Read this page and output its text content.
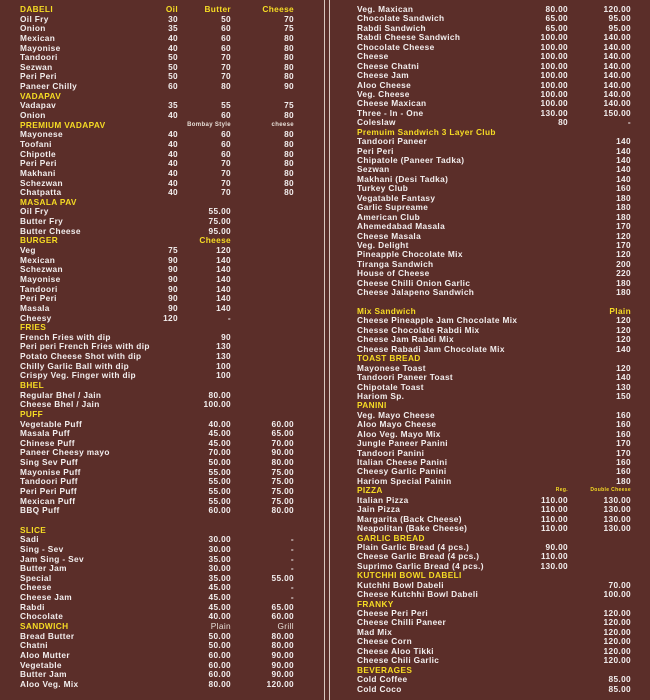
DABELI	Oil	Butter	Cheese
Oil Fry	30	50	70
Onion	35	60	75
Mexican	40	60	80
Mayonise	40	60	80
Tandoori	50	70	80
Sezwan	50	70	80
Peri Peri	50	70	80
Paneer Chilly	60	80	90
VADAPAV
Vadapav	35	55	75
Onion	40	60	80
PREMIUM VADAPAV	Bombay Style	cheese
Mayonese	40	60	80
Toofani	40	60	80
Chipotle	40	60	80
Peri Peri	40	70	80
Makhani	40	70	80
Schezwan	40	70	80
Chatpatta	40	70	80
MASALA PAV
Oil Fry	55.00
Butter Fry	75.00
Butter Cheese	95.00
BURGER	Cheese
Veg	75	120
Mexican	90	140
Schezwan	90	140
Mayonise	90	140
Tandoori	90	140
Peri Peri	90	140
Masala	90	140
Cheesy	120	-
FRIES
French Fries with dip	90
Peri peri French Fries with dip	130
Potato Cheese Shot with dip	130
Chilly Garlic Ball with dip	100
Crispy Veg. Finger with dip	100
BHEL
Regular Bhel / Jain	80.00
Cheese Bhel / Jain	100.00
PUFF
Vegetable Puff	40.00	60.00
Masala Puff	45.00	65.00
Chinese Puff	45.00	70.00
Paneer Cheesy mayo	70.00	90.00
Sing Sev Puff	50.00	80.00
Mayonise Puff	55.00	75.00
Tandoori Puff	55.00	75.00
Peri Peri Puff	55.00	75.00
Mexican Puff	55.00	75.00
BBQ Puff	60.00	80.00
SLICE
Sadi	30.00	-
Sing - Sev	30.00	-
Jam Sing - Sev	35.00	-
Butter Jam	30.00	-
Special	35.00	55.00
Cheese	45.00	-
Cheese Jam	45.00	-
Rabdi	45.00	65.00
Chocolate	40.00	60.00
SANDWICH	Plain	Grill
Bread Butter	50.00	80.00
Chatni	50.00	80.00
Aloo Mutter	60.00	90.00
Vegetable	60.00	90.00
Butter Jam	60.00	90.00
Aloo Veg. Mix	80.00	120.00
Veg. Maxican	80.00	120.00
Chocolate Sandwich	65.00	95.00
Rabdi Sandwich	65.00	95.00
Rabdi Cheese Sandwich	100.00	140.00
Chocolate Cheese	100.00	140.00
Cheese	100.00	140.00
Cheese Chatni	100.00	140.00
Cheese Jam	100.00	140.00
Aloo Cheese	100.00	140.00
Veg. Cheese	100.00	140.00
Cheese Maxican	100.00	140.00
Three - In - One	130.00	150.00
Coleslaw	80	-
Premuim Sandwich 3 Layer Club
Tandoori Paneer	140
Peri Peri	140
Chipatole (Paneer Tadka)	140
Sezwan	140
Makhani (Desi Tadka)	140
Turkey Club	160
Vegatable Fantasy	180
Garlic Supreame	180
American Club	180
Ahemedabad Masala	170
Cheese Masala	120
Veg. Delight	170
Pineapple Chocolate Mix	120
Tiranga Sandwich	200
House of Cheese	220
Cheese Chilli Onion Garlic	180
Cheese Jalapeno Sandwich	180
Mix Sandwich	Plain
Cheese Pineapple Jam Chocolate Mix	120
Chesse Chocolate Rabdi Mix	120
Cheese Jam Rabdi Mix	120
Cheese Rabadi Jam Chocolate Mix	140
TOAST BREAD
Mayonese Toast	120
Tandoori Paneer Toast	140
Chipotale Toast	130
Hariom Sp.	150
PANINI
Veg. Mayo Cheese	160
Aloo Mayo Cheese	160
Aloo Veg. Mayo Mix	160
Jungle Paneer Panini	170
Tandoori Panini	170
Italian Cheese Panini	160
Cheesy Garlic Panini	160
Hariom Special Painin	180
PIZZA	Reg.	Double Cheese
Italian Pizza	110.00	130.00
Jain Pizza	110.00	130.00
Margarita (Back Cheese)	110.00	130.00
Neapolitan (Bake Cheese)	110.00	130.00
GARLIC BREAD
Plain Garlic Bread (4 pcs.)	90.00
Cheese Garlic Bread (4 pcs.)	110.00
Suprimo Garlic Bread (4 pcs.)	130.00
KUTCHHI BOWL DABELI
Kutchhi Bowl Dabeli	70.00
Cheese Kutchhi Bowl Dabeli	100.00
FRANKY
Cheese Peri Peri	120.00
Cheese Chilli Paneer	120.00
Mad Mix	120.00
Cheese Corn	120.00
Cheese Aloo Tikki	120.00
Cheese Chili Garlic	120.00
BEVERAGES
Cold Coffee	85.00
Cold Coco	85.00
